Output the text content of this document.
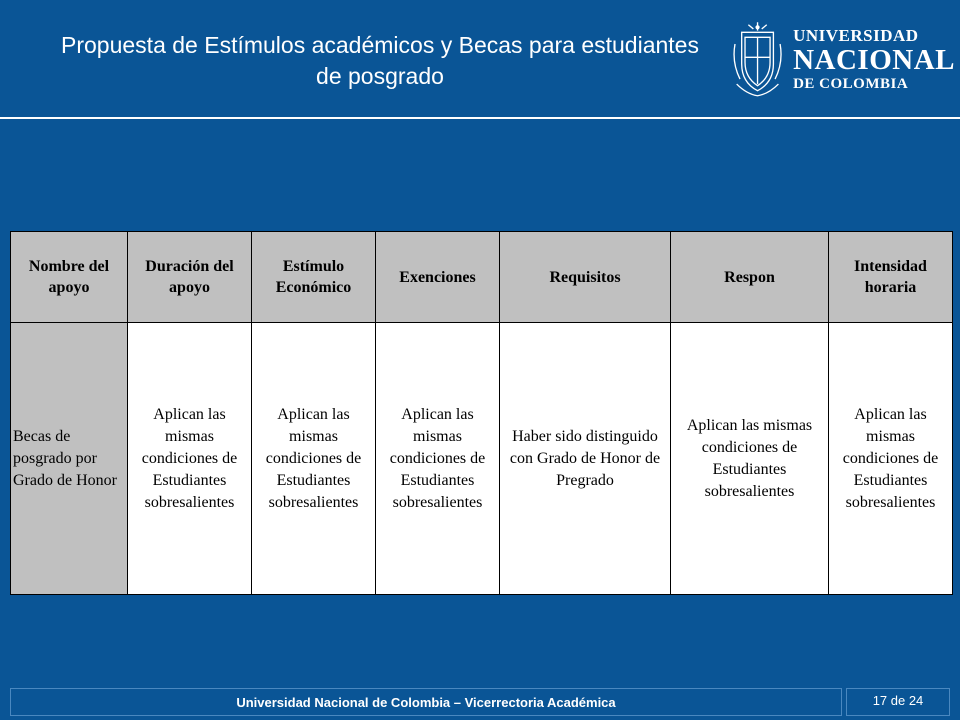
Propuesta de Estímulos académicos y Becas para estudiantes de posgrado
UNIVERSIDAD
NACIONAL
DE COLOMBIA
Nombre del apoyo	Duración del apoyo	Estímulo Económico	Exenciones	Requisitos	Respon	Intensidad horaria
Becas de posgrado por Grado de Honor	Aplican las mismas condiciones de Estudiantes sobresalientes	Aplican las mismas condiciones de Estudiantes sobresalientes	Aplican las mismas condiciones de Estudiantes sobresalientes	Haber sido distinguido con Grado de Honor de Pregrado	Aplican las mismas condiciones de Estudiantes sobresalientes	Aplican las mismas condiciones de Estudiantes sobresalientes
Universidad Nacional de Colombia – Vicerrectoria Académica	17 de 24
